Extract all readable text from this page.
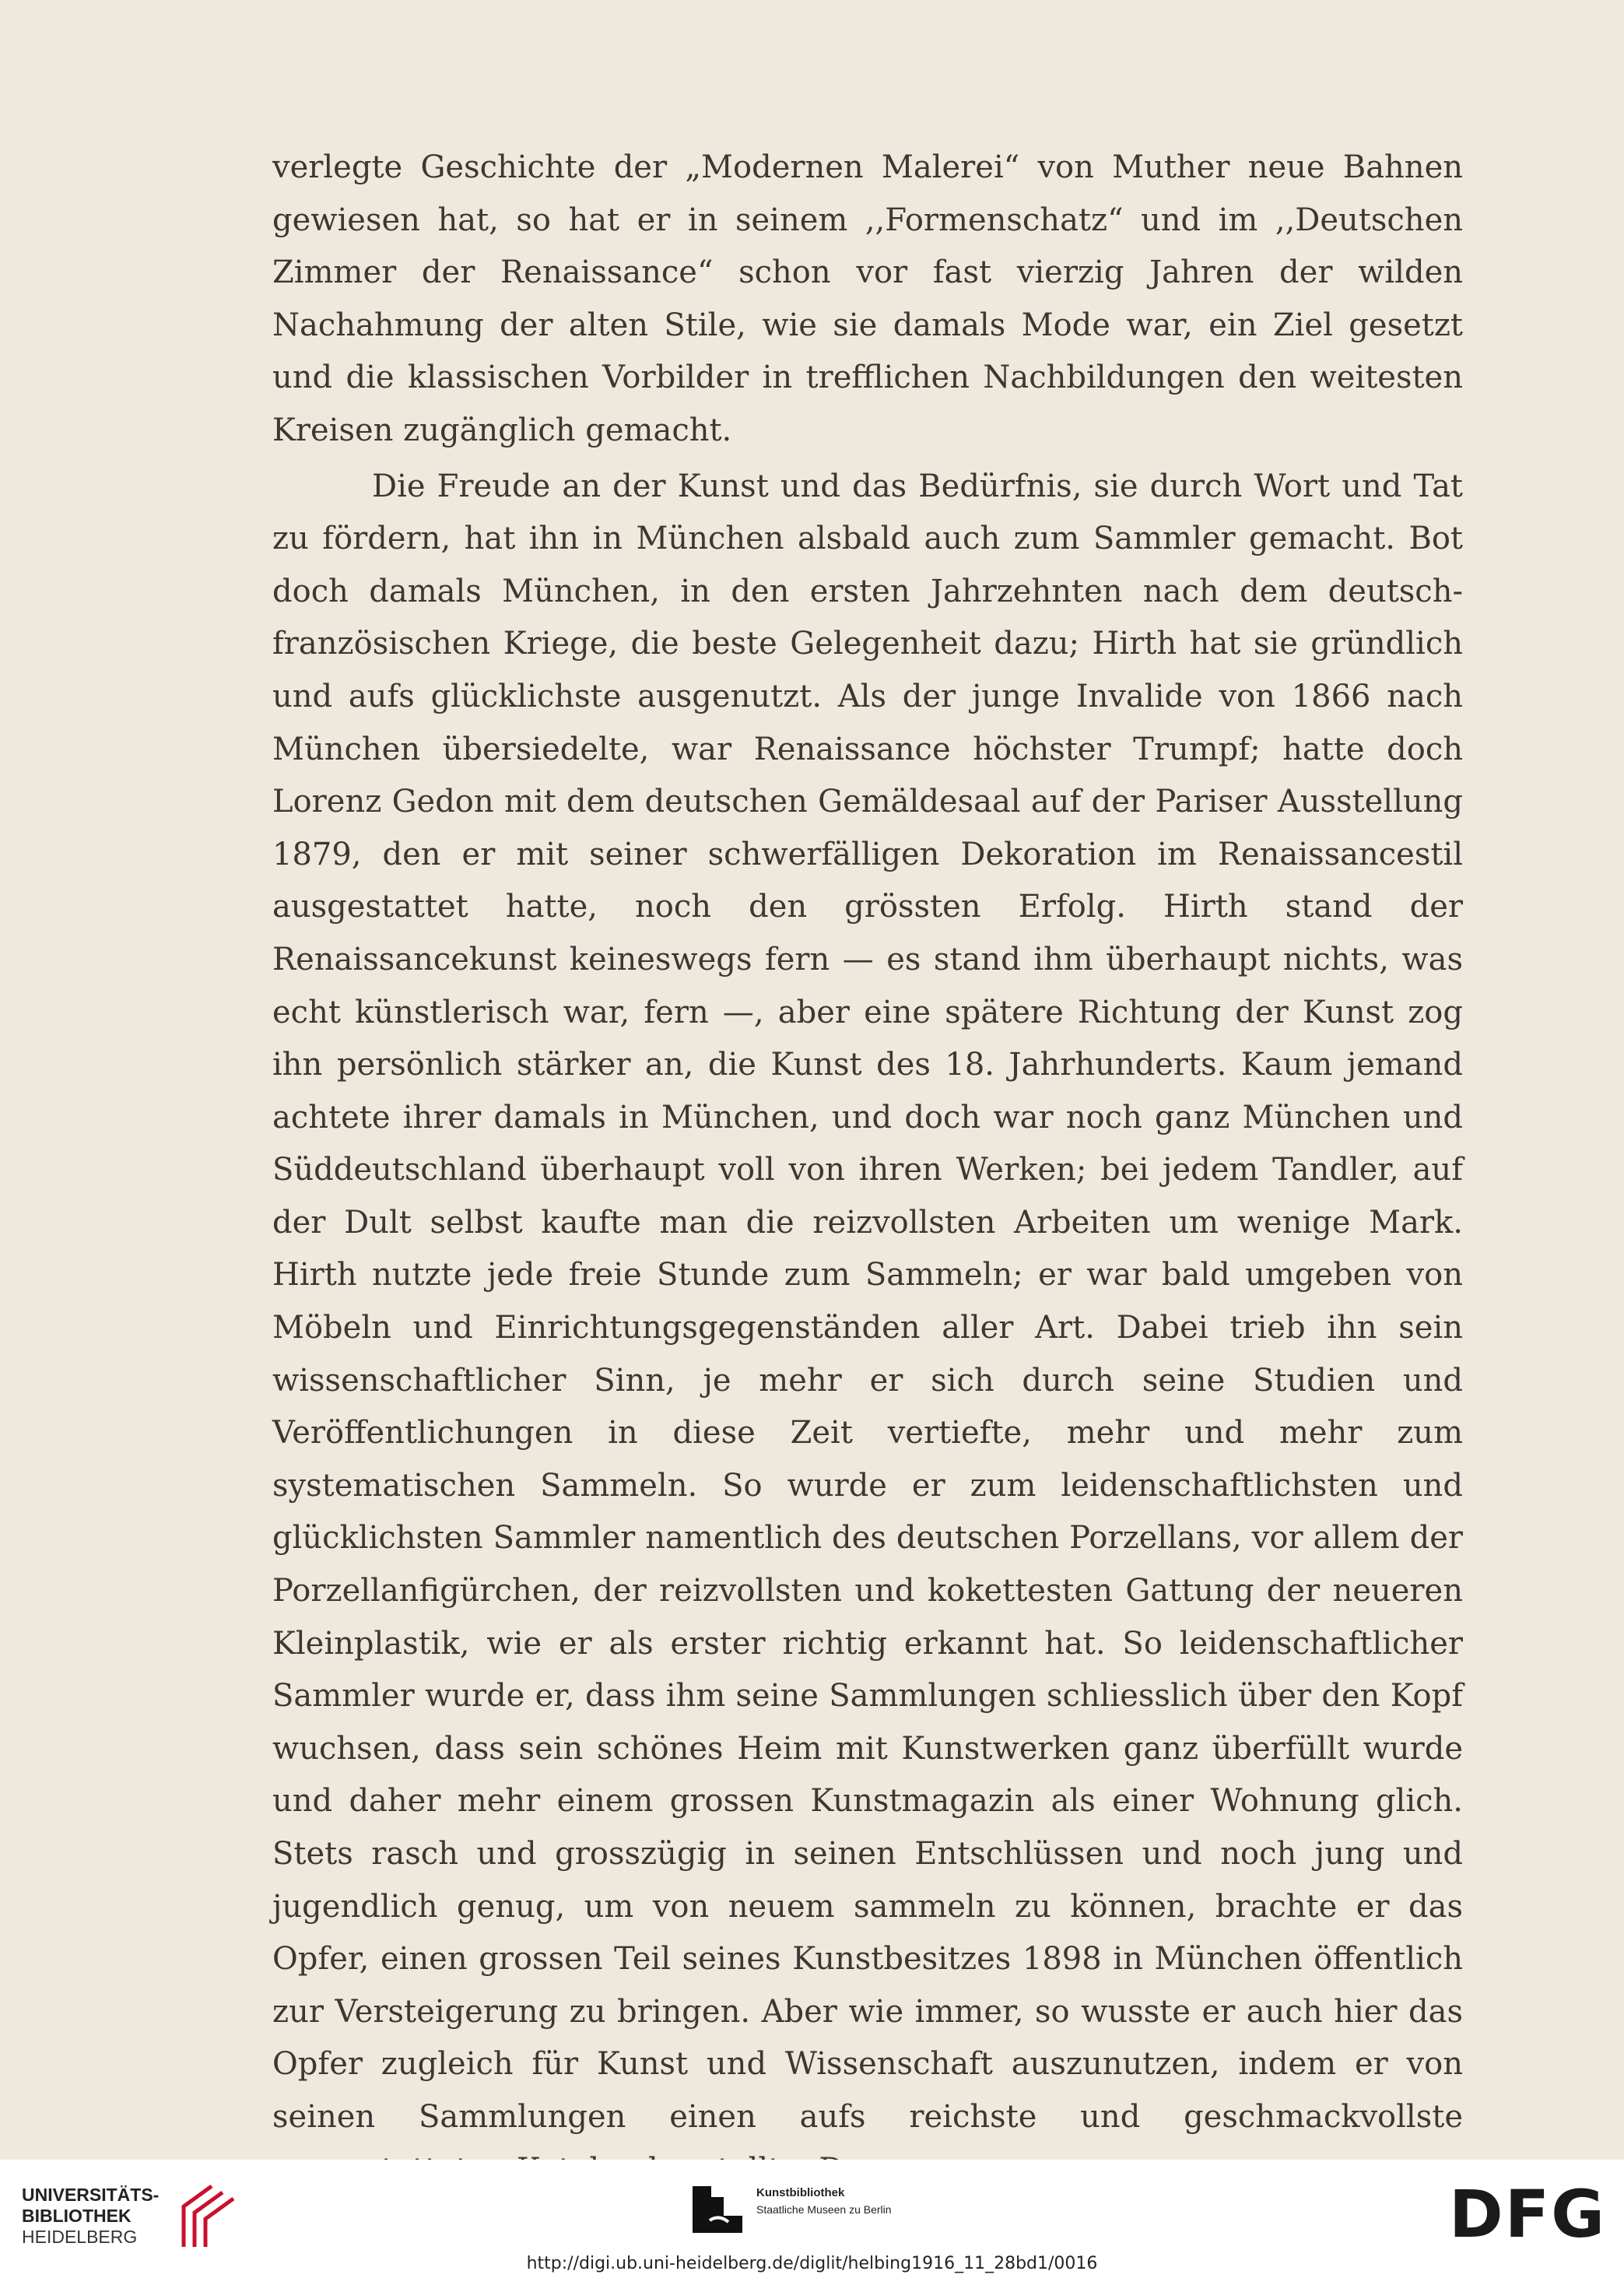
verlegte Geschichte der „Modernen Malerei“ von Muther neue Bahnen gewiesen hat, so hat er in seinem ,,Formenschatz“ und im ,,Deutschen Zimmer der Renaissance“ schon vor fast vierzig Jahren der wilden Nachahmung der alten Stile, wie sie damals Mode war, ein Ziel gesetzt und die klassischen Vorbilder in trefflichen Nachbildungen den weitesten Kreisen zugänglich gemacht.

Die Freude an der Kunst und das Bedürfnis, sie durch Wort und Tat zu fördern, hat ihn in München alsbald auch zum Sammler gemacht. Bot doch damals München, in den ersten Jahrzehnten nach dem deutsch-französischen Kriege, die beste Gelegenheit dazu; Hirth hat sie gründlich und aufs glücklichste ausgenutzt. Als der junge Invalide von 1866 nach München übersiedelte, war Renaissance höchster Trumpf; hatte doch Lorenz Gedon mit dem deutschen Gemäldesaal auf der Pariser Ausstellung 1879, den er mit seiner schwerfälligen Dekoration im Renaissancestil ausgestattet hatte, noch den grössten Erfolg. Hirth stand der Renaissancekunst keineswegs fern — es stand ihm überhaupt nichts, was echt künstlerisch war, fern —, aber eine spätere Richtung der Kunst zog ihn persönlich stärker an, die Kunst des 18. Jahrhunderts. Kaum jemand achtete ihrer damals in München, und doch war noch ganz München und Süddeutschland überhaupt voll von ihren Werken; bei jedem Tandler, auf der Dult selbst kaufte man die reizvollsten Arbeiten um wenige Mark. Hirth nutzte jede freie Stunde zum Sammeln; er war bald umgeben von Möbeln und Einrichtungsgegenständen aller Art. Dabei trieb ihn sein wissenschaftlicher Sinn, je mehr er sich durch seine Studien und Veröffentlichungen in diese Zeit vertiefte, mehr und mehr zum systematischen Sammeln. So wurde er zum leidenschaftlichsten und glücklichsten Sammler namentlich des deutschen Porzellans, vor allem der Porzellanfigürchen, der reizvollsten und kokettesten Gattung der neueren Kleinplastik, wie er als erster richtig erkannt hat. So leidenschaftlicher Sammler wurde er, dass ihm seine Sammlungen schliesslich über den Kopf wuchsen, dass sein schönes Heim mit Kunstwerken ganz überfüllt wurde und daher mehr einem grossen Kunstmagazin als einer Wohnung glich. Stets rasch und grosszügig in seinen Entschlüssen und noch jung und jugendlich genug, um von neuem sammeln zu können, brachte er das Opfer, einen grossen Teil seines Kunstbesitzes 1898 in München öffentlich zur Versteigerung zu bringen. Aber wie immer, so wusste er auch hier das Opfer zugleich für Kunst und Wissenschaft auszunutzen, indem er von seinen Sammlungen einen aufs reichste und geschmackvollste

UNIVERSITÄTS-
BIBLIOTHEK
HEIDELBERG
Kunstbibliothek
Staatliche Museen zu Berlin	DFG
http://digi.ub.uni-heidelberg.de/diglit/helbing1916_11_28bd1/0016
